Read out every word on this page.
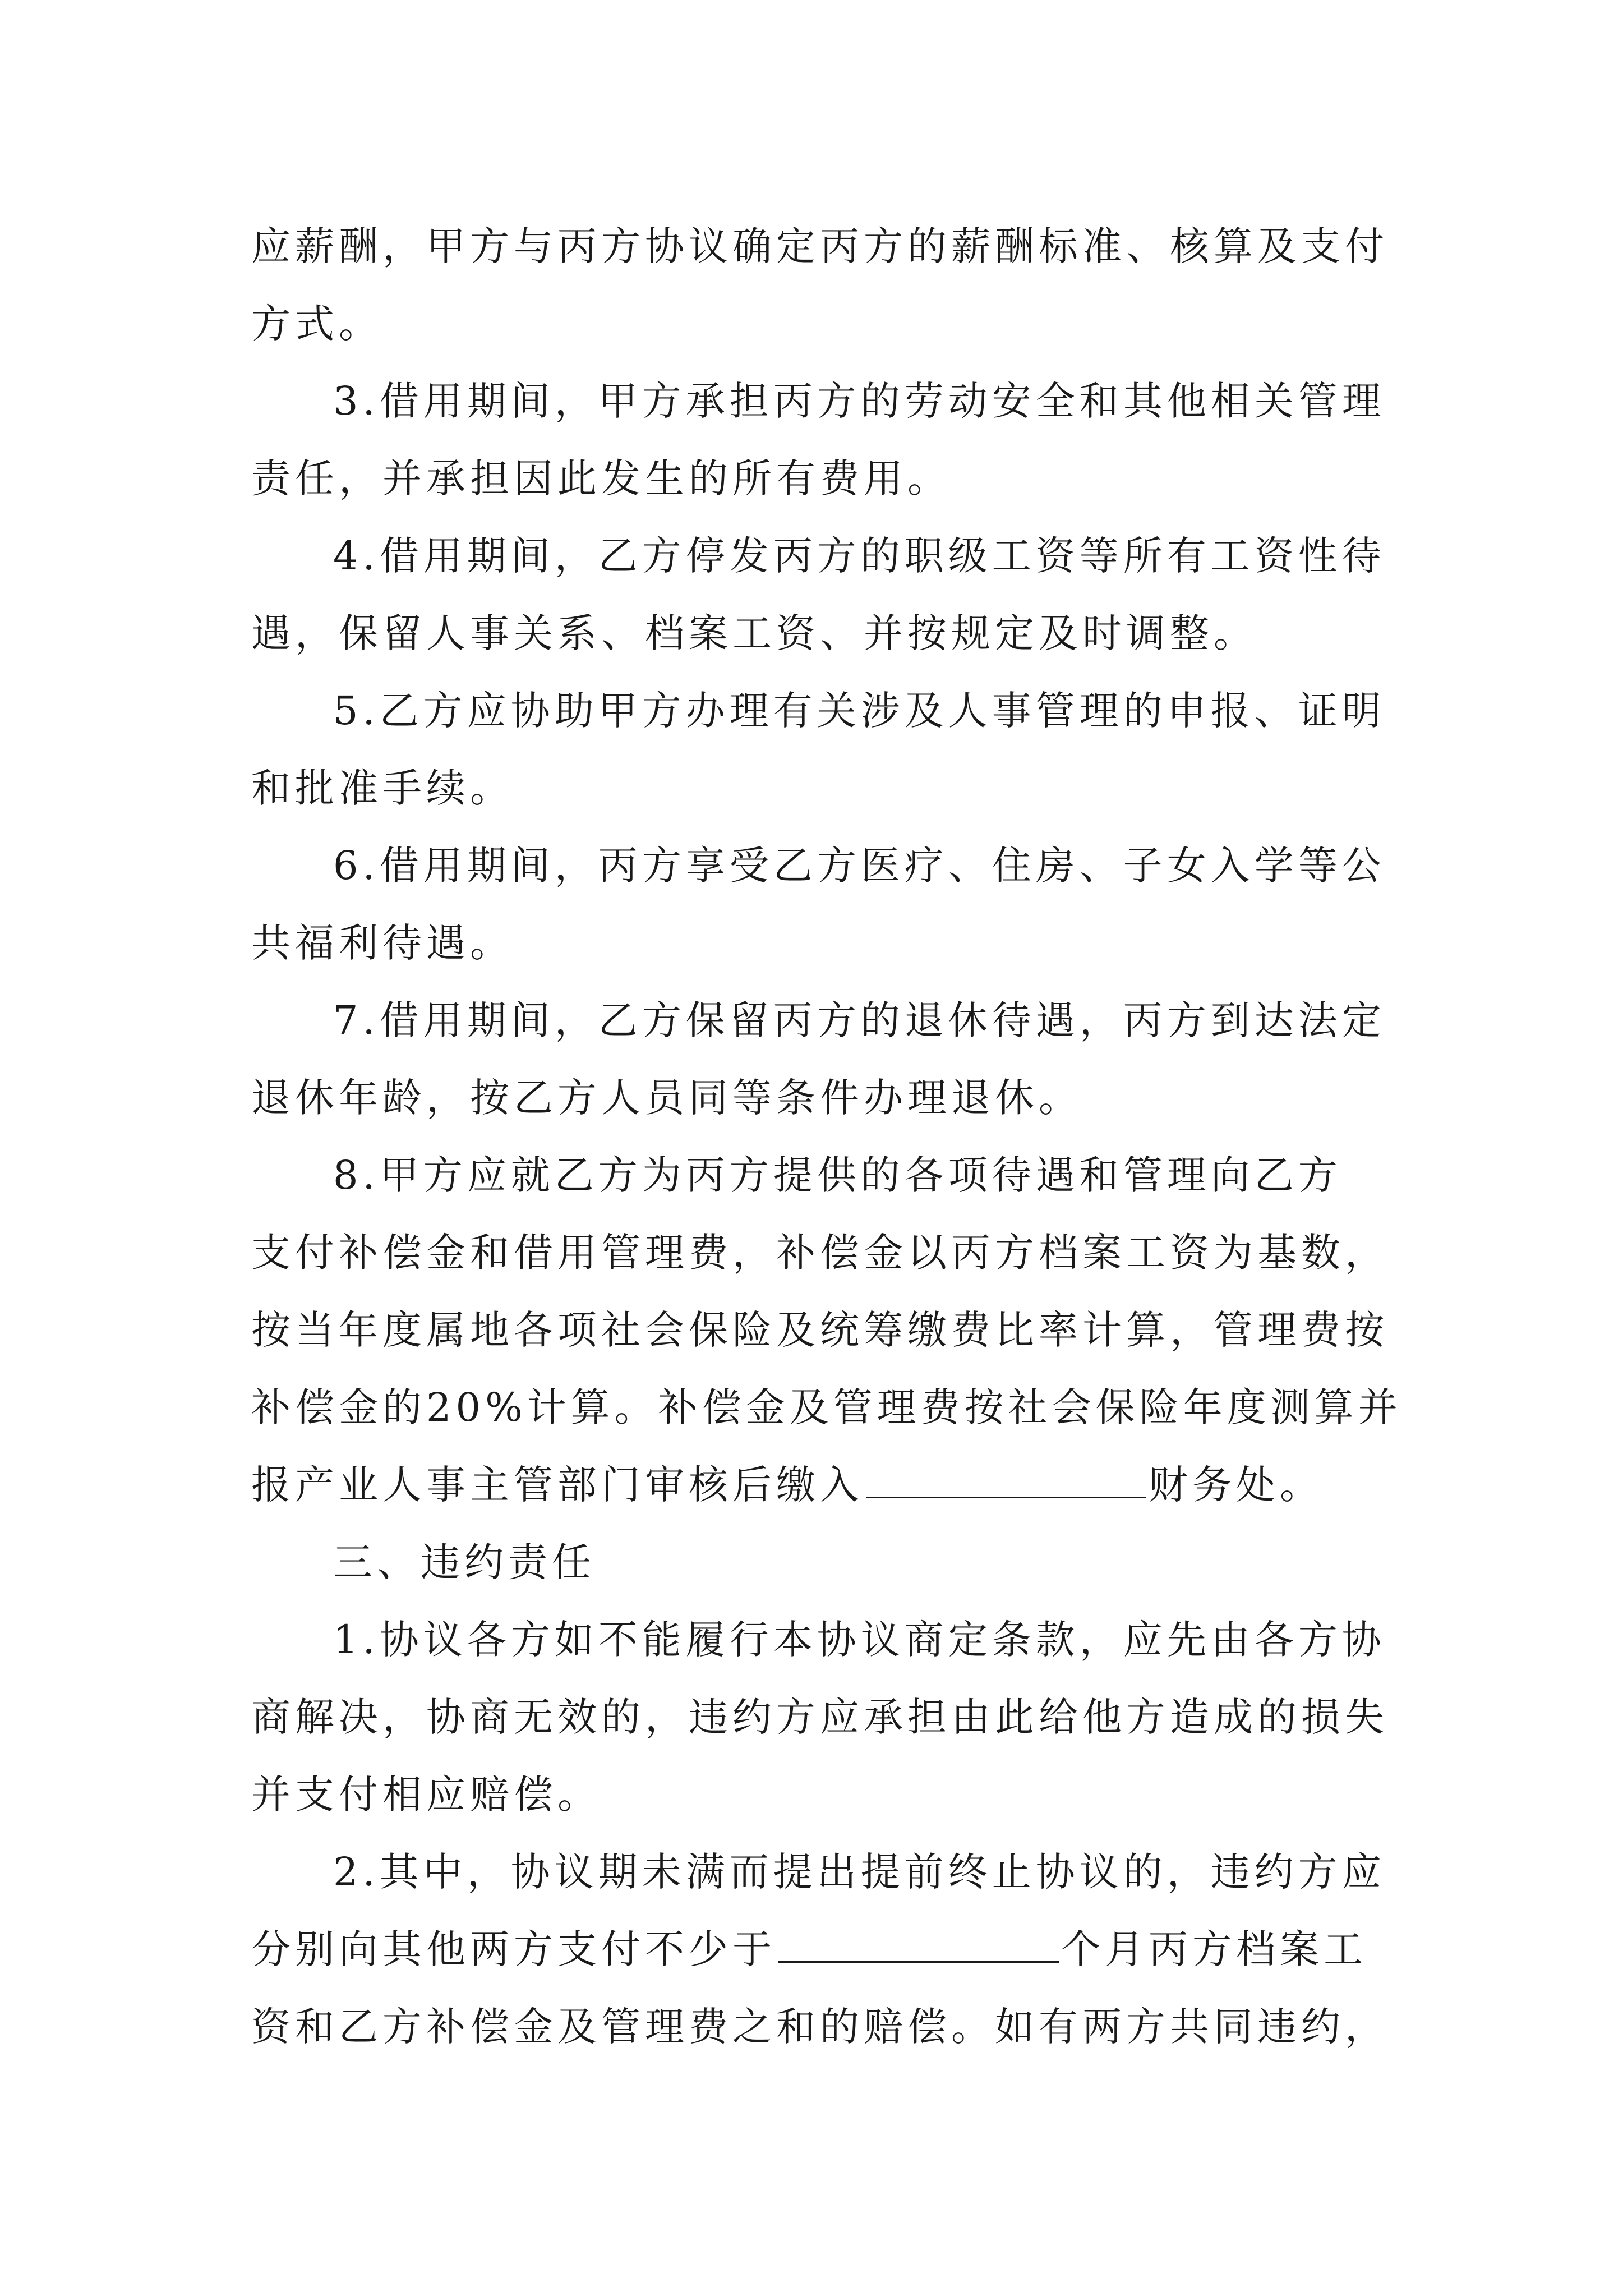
应薪酬，甲方与丙方协议确定丙方的薪酬标准、核算及支付
方式。
3.借用期间，甲方承担丙方的劳动安全和其他相关管理
责任，并承担因此发生的所有费用。
4.借用期间，乙方停发丙方的职级工资等所有工资性待
遇，保留人事关系、档案工资、并按规定及时调整。
5.乙方应协助甲方办理有关涉及人事管理的申报、证明
和批准手续。
6.借用期间，丙方享受乙方医疗、住房、子女入学等公
共福利待遇。
7.借用期间，乙方保留丙方的退休待遇，丙方到达法定
退休年龄，按乙方人员同等条件办理退休。
8.甲方应就乙方为丙方提供的各项待遇和管理向乙方
支付补偿金和借用管理费，补偿金以丙方档案工资为基数，
按当年度属地各项社会保险及统筹缴费比率计算，管理费按
补偿金的20%计算。补偿金及管理费按社会保险年度测算并
报产业人事主管部门审核后缴入	财务处。
三、违约责任
1.协议各方如不能履行本协议商定条款，应先由各方协
商解决，协商无效的，违约方应承担由此给他方造成的损失
并支付相应赔偿。
2.其中，协议期未满而提出提前终止协议的，违约方应
分别向其他两方支付不少于	个月丙方档案工
资和乙方补偿金及管理费之和的赔偿。如有两方共同违约，
